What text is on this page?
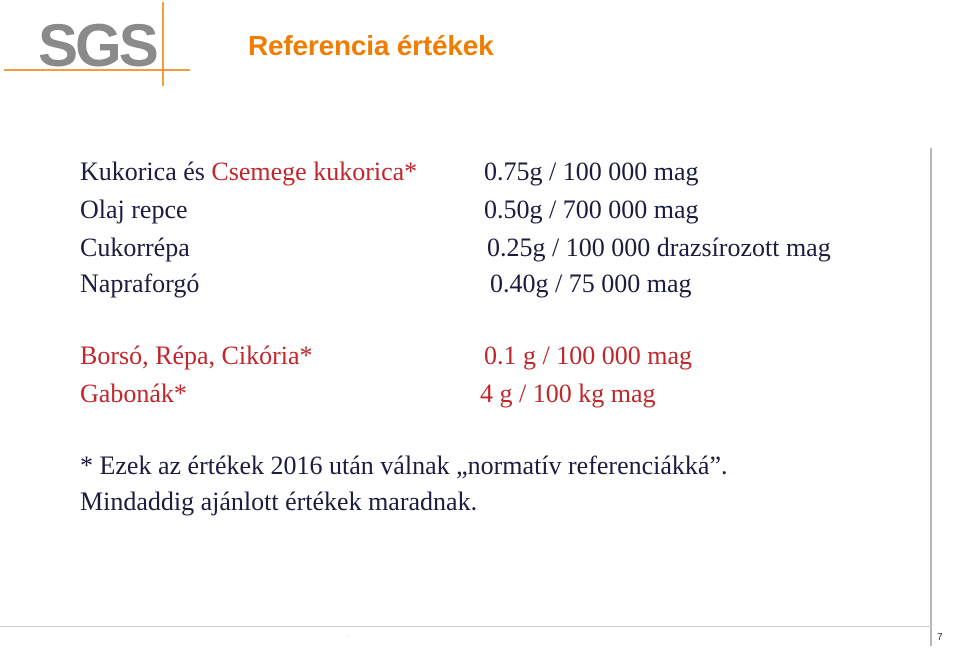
SGS	Referencia értékek
Kukorica és Csemege kukorica*	0.75g / 100 000 mag
Olaj repce	0.50g / 700 000 mag
Cukorrépa	0.25g / 100 000 drazsírozott mag
Napraforgó	0.40g / 75 000 mag
Borsó, Répa, Cikória*	0.1 g / 100 000 mag
Gabonák*	4 g / 100 kg mag
* Ezek az értékek 2016 után válnak „normatív referenciákká”.
Mindaddig ajánlott értékek maradnak.
.	7
